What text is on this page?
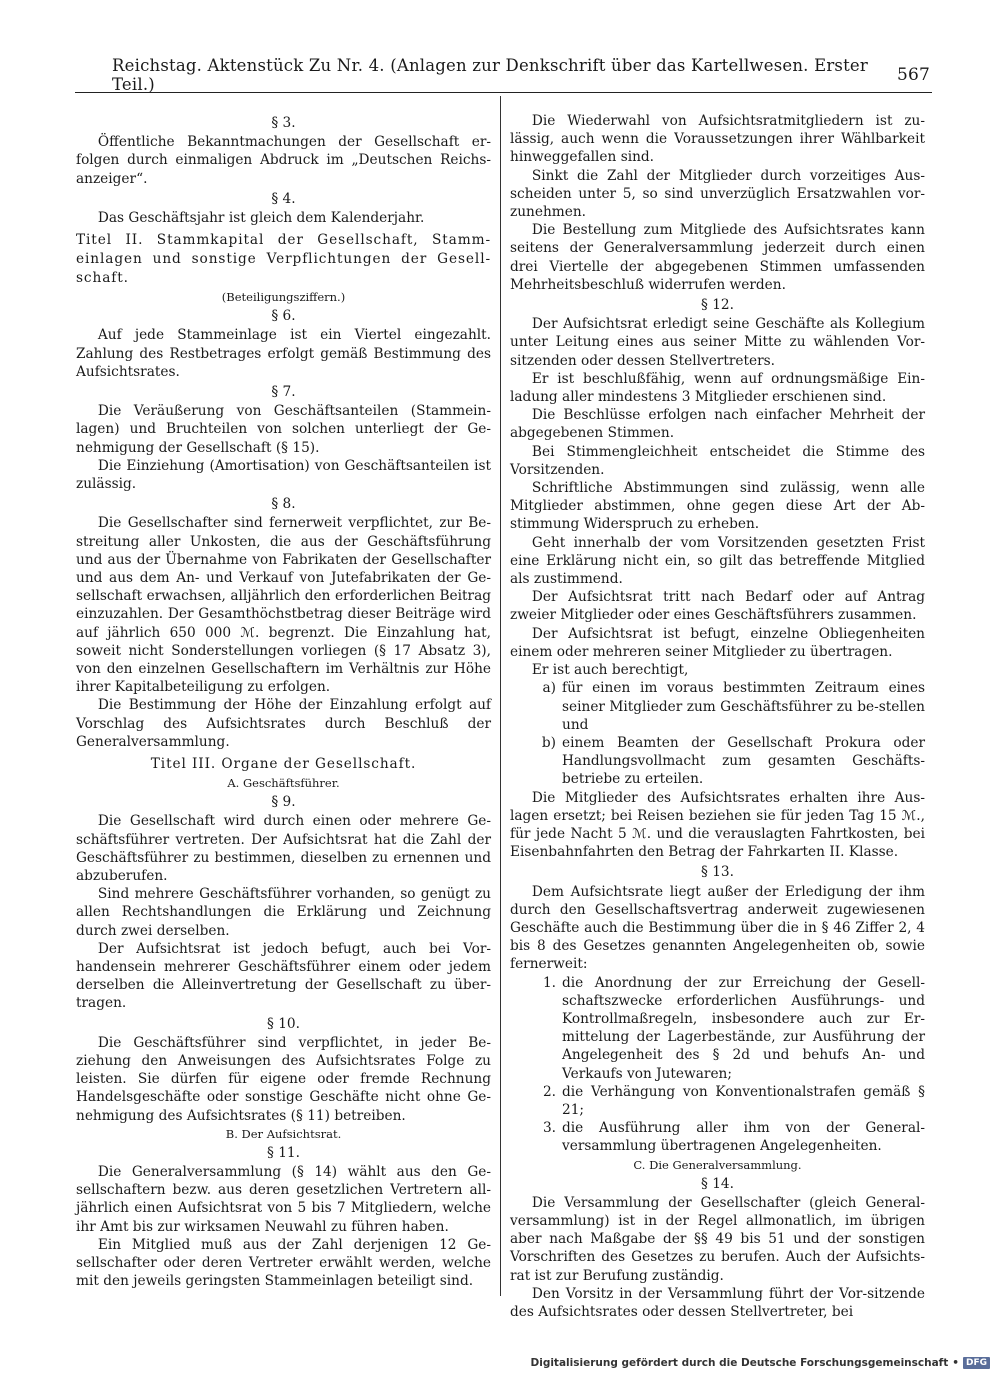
Reichstag. Aktenstück Zu Nr. 4. (Anlagen zur Denkschrift über das Kartellwesen. Erster Teil.)	567
§ 3.

Öffentliche Bekanntmachungen der Gesellschaft er-folgen durch einmaligen Abdruck im „Deutschen Reichs-anzeiger“.

§ 4.

Das Geschäftsjahr ist gleich dem Kalenderjahr.

Titel II. Stammkapital der Gesellschaft, Stamm-einlagen und sonstige Verpflichtungen der Gesell-schaft.
(Beteiligungsziffern.)
§ 6.

Auf jede Stammeinlage ist ein Viertel eingezahlt. Zahlung des Restbetrages erfolgt gemäß Bestimmung des Aufsichtsrates.

§ 7.

Die Veräußerung von Geschäftsanteilen (Stammein-lagen) und Bruchteilen von solchen unterliegt der Ge-nehmigung der Gesellschaft (§ 15).

Die Einziehung (Amortisation) von Geschäftsanteilen ist zulässig.

§ 8.

Die Gesellschafter sind fernerweit verpflichtet, zur Be-streitung aller Unkosten, die aus der Geschäftsführung und aus der Übernahme von Fabrikaten der Gesellschafter und aus dem An- und Verkauf von Jutefabrikaten der Ge-sellschaft erwachsen, alljährlich den erforderlichen Beitrag einzuzahlen. Der Gesamthöchstbetrag dieser Beiträge wird auf jährlich 650 000 ℳ. begrenzt. Die Einzahlung hat, soweit nicht Sonderstellungen vorliegen (§ 17 Absatz 3), von den einzelnen Gesellschaftern im Verhältnis zur Höhe ihrer Kapitalbeteiligung zu erfolgen.

Die Bestimmung der Höhe der Einzahlung erfolgt auf Vorschlag des Aufsichtsrates durch Beschluß der Generalversammlung.

Titel III. Organe der Gesellschaft.
A. Geschäftsführer.
§ 9.

Die Gesellschaft wird durch einen oder mehrere Ge-schäftsführer vertreten. Der Aufsichtsrat hat die Zahl der Geschäftsführer zu bestimmen, dieselben zu ernennen und abzuberufen.

Sind mehrere Geschäftsführer vorhanden, so genügt zu allen Rechtshandlungen die Erklärung und Zeichnung durch zwei derselben.

Der Aufsichtsrat ist jedoch befugt, auch bei Vor-handensein mehrerer Geschäftsführer einem oder jedem derselben die Alleinvertretung der Gesellschaft zu über-tragen.

§ 10.

Die Geschäftsführer sind verpflichtet, in jeder Be-ziehung den Anweisungen des Aufsichtsrates Folge zu leisten. Sie dürfen für eigene oder fremde Rechnung Handelsgeschäfte oder sonstige Geschäfte nicht ohne Ge-nehmigung des Aufsichtsrates (§ 11) betreiben.

B. Der Aufsichtsrat.
§ 11.

Die Generalversammlung (§ 14) wählt aus den Ge-sellschaftern bezw. aus deren gesetzlichen Vertretern all-jährlich einen Aufsichtsrat von 5 bis 7 Mitgliedern, welche ihr Amt bis zur wirksamen Neuwahl zu führen haben.

Ein Mitglied muß aus der Zahl derjenigen 12 Ge-sellschafter oder deren Vertreter erwählt werden, welche mit den jeweils geringsten Stammeinlagen beteiligt sind.

Die Wiederwahl von Aufsichtsratmitgliedern ist zu-lässig, auch wenn die Voraussetzungen ihrer Wählbarkeit hinweggefallen sind.

Sinkt die Zahl der Mitglieder durch vorzeitiges Aus-scheiden unter 5, so sind unverzüglich Ersatzwahlen vor-zunehmen.

Die Bestellung zum Mitgliede des Aufsichtsrates kann seitens der Generalversammlung jederzeit durch einen drei Viertelle der abgegebenen Stimmen umfassenden Mehrheitsbeschluß widerrufen werden.

§ 12.

Der Aufsichtsrat erledigt seine Geschäfte als Kollegium unter Leitung eines aus seiner Mitte zu wählenden Vor-sitzenden oder dessen Stellvertreters.

Er ist beschlußfähig, wenn auf ordnungsmäßige Ein-ladung aller mindestens 3 Mitglieder erschienen sind.

Die Beschlüsse erfolgen nach einfacher Mehrheit der abgegebenen Stimmen.

Bei Stimmengleichheit entscheidet die Stimme des Vorsitzenden.

Schriftliche Abstimmungen sind zulässig, wenn alle Mitglieder abstimmen, ohne gegen diese Art der Ab-stimmung Widerspruch zu erheben.

Geht innerhalb der vom Vorsitzenden gesetzten Frist eine Erklärung nicht ein, so gilt das betreffende Mitglied als zustimmend.

Der Aufsichtsrat tritt nach Bedarf oder auf Antrag zweier Mitglieder oder eines Geschäftsführers zusammen.

Der Aufsichtsrat ist befugt, einzelne Obliegenheiten einem oder mehreren seiner Mitglieder zu übertragen.

Er ist auch berechtigt,

a) für einen im voraus bestimmten Zeitraum eines seiner Mitglieder zum Geschäftsführer zu be-stellen und
b) einem Beamten der Gesellschaft Prokura oder Handlungsvollmacht zum gesamten Geschäfts-betriebe zu erteilen.

Die Mitglieder des Aufsichtsrates erhalten ihre Aus-lagen ersetzt; bei Reisen beziehen sie für jeden Tag 15 ℳ., für jede Nacht 5 ℳ. und die verauslagten Fahrtkosten, bei Eisenbahnfahrten den Betrag der Fahrkarten II. Klasse.

§ 13.

Dem Aufsichtsrate liegt außer der Erledigung der ihm durch den Gesellschaftsvertrag anderweit zugewiesenen Geschäfte auch die Bestimmung über die in § 46 Ziffer 2, 4 bis 8 des Gesetzes genannten Angelegenheiten ob, sowie fernerweit:

1. die Anordnung der zur Erreichung der Gesell-schaftszwecke erforderlichen Ausführungs- und Kontrollmaßregeln, insbesondere auch zur Er-mittelung der Lagerbestände, zur Ausführung der Angelegenheit des § 2d und behufs An- und Verkaufs von Jutewaren;
2. die Verhängung von Konventionalstrafen gemäß § 21;
3. die Ausführung aller ihm von der General-versammlung übertragenen Angelegenheiten.
C. Die Generalversammlung.
§ 14.

Die Versammlung der Gesellschafter (gleich General-versammlung) ist in der Regel allmonatlich, im übrigen aber nach Maßgabe der §§ 49 bis 51 und der sonstigen Vorschriften des Gesetzes zu berufen. Auch der Aufsichts-rat ist zur Berufung zuständig.

Den Vorsitz in der Versammlung führt der Vor-sitzende des Aufsichtsrates oder dessen Stellvertreter, bei

Digitalisierung gefördert durch die Deutsche Forschungsgemeinschaft • DFG
